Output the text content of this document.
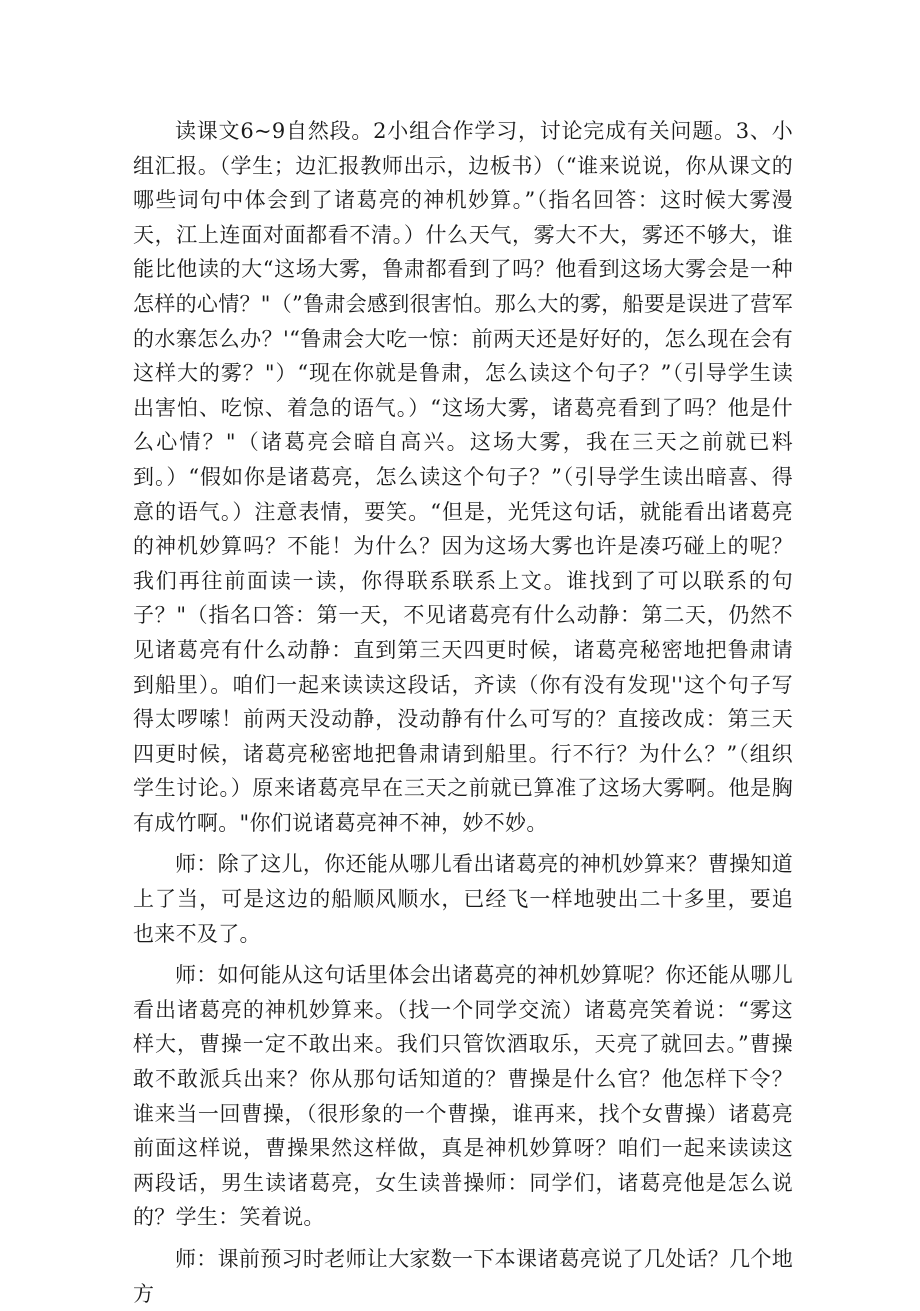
读课文6~9自然段。2小组合作学习，讨论完成有关问题。3、小组汇报。（学生；边汇报教师出示，边板书）（“谁来说说，你从课文的哪些词句中体会到了诸葛亮的神机妙算。”（指名回答：这时候大雾漫天，江上连面对面都看不清。）什么天气，雾大不大，雾还不够大，谁能比他读的大“这场大雾，鲁肃都看到了吗？他看到这场大雾会是一种怎样的心情？"（”鲁肃会感到很害怕。那么大的雾，船要是误进了营军的水寨怎么办？'“鲁肃会大吃一惊：前两天还是好好的，怎么现在会有这样大的雾？"）“现在你就是鲁肃，怎么读这个句子？”（引导学生读出害怕、吃惊、着急的语气。）“这场大雾，诸葛亮看到了吗？他是什么心情？"（诸葛亮会暗自高兴。这场大雾，我在三天之前就已料到。）“假如你是诸葛亮，怎么读这个句子？”（引导学生读出暗喜、得意的语气。）注意表情，要笑。“但是，光凭这句话，就能看出诸葛亮的神机妙算吗？不能！为什么？因为这场大雾也许是凑巧碰上的呢？我们再往前面读一读，你得联系联系上文。谁找到了可以联系的句子？"（指名口答：第一天，不见诸葛亮有什么动静：第二天，仍然不见诸葛亮有什么动静：直到第三天四更时候，诸葛亮秘密地把鲁肃请到船里）。咱们一起来读读这段话，齐读（你有没有发现''这个句子写得太啰嗦！前两天没动静，没动静有什么可写的？直接改成：第三天四更时候，诸葛亮秘密地把鲁肃请到船里。行不行？为什么？”（组织学生讨论。）原来诸葛亮早在三天之前就已算准了这场大雾啊。他是胸有成竹啊。"你们说诸葛亮神不神，妙不妙。

师：除了这儿，你还能从哪儿看出诸葛亮的神机妙算来？曹操知道上了当，可是这边的船顺风顺水，已经飞一样地驶出二十多里，要追也来不及了。

师：如何能从这句话里体会出诸葛亮的神机妙算呢？你还能从哪儿看出诸葛亮的神机妙算来。（找一个同学交流）诸葛亮笑着说：“雾这样大，曹操一定不敢出来。我们只管饮酒取乐，天亮了就回去。”曹操敢不敢派兵出来？你从那句话知道的？曹操是什么官？他怎样下令？谁来当一回曹操，（很形象的一个曹操，谁再来，找个女曹操）诸葛亮前面这样说，曹操果然这样做，真是神机妙算呀？咱们一起来读读这两段话，男生读诸葛亮，女生读普操师：同学们，诸葛亮他是怎么说的？学生：笑着说。

师：课前预习时老师让大家数一下本课诸葛亮说了几处话？几个地方
